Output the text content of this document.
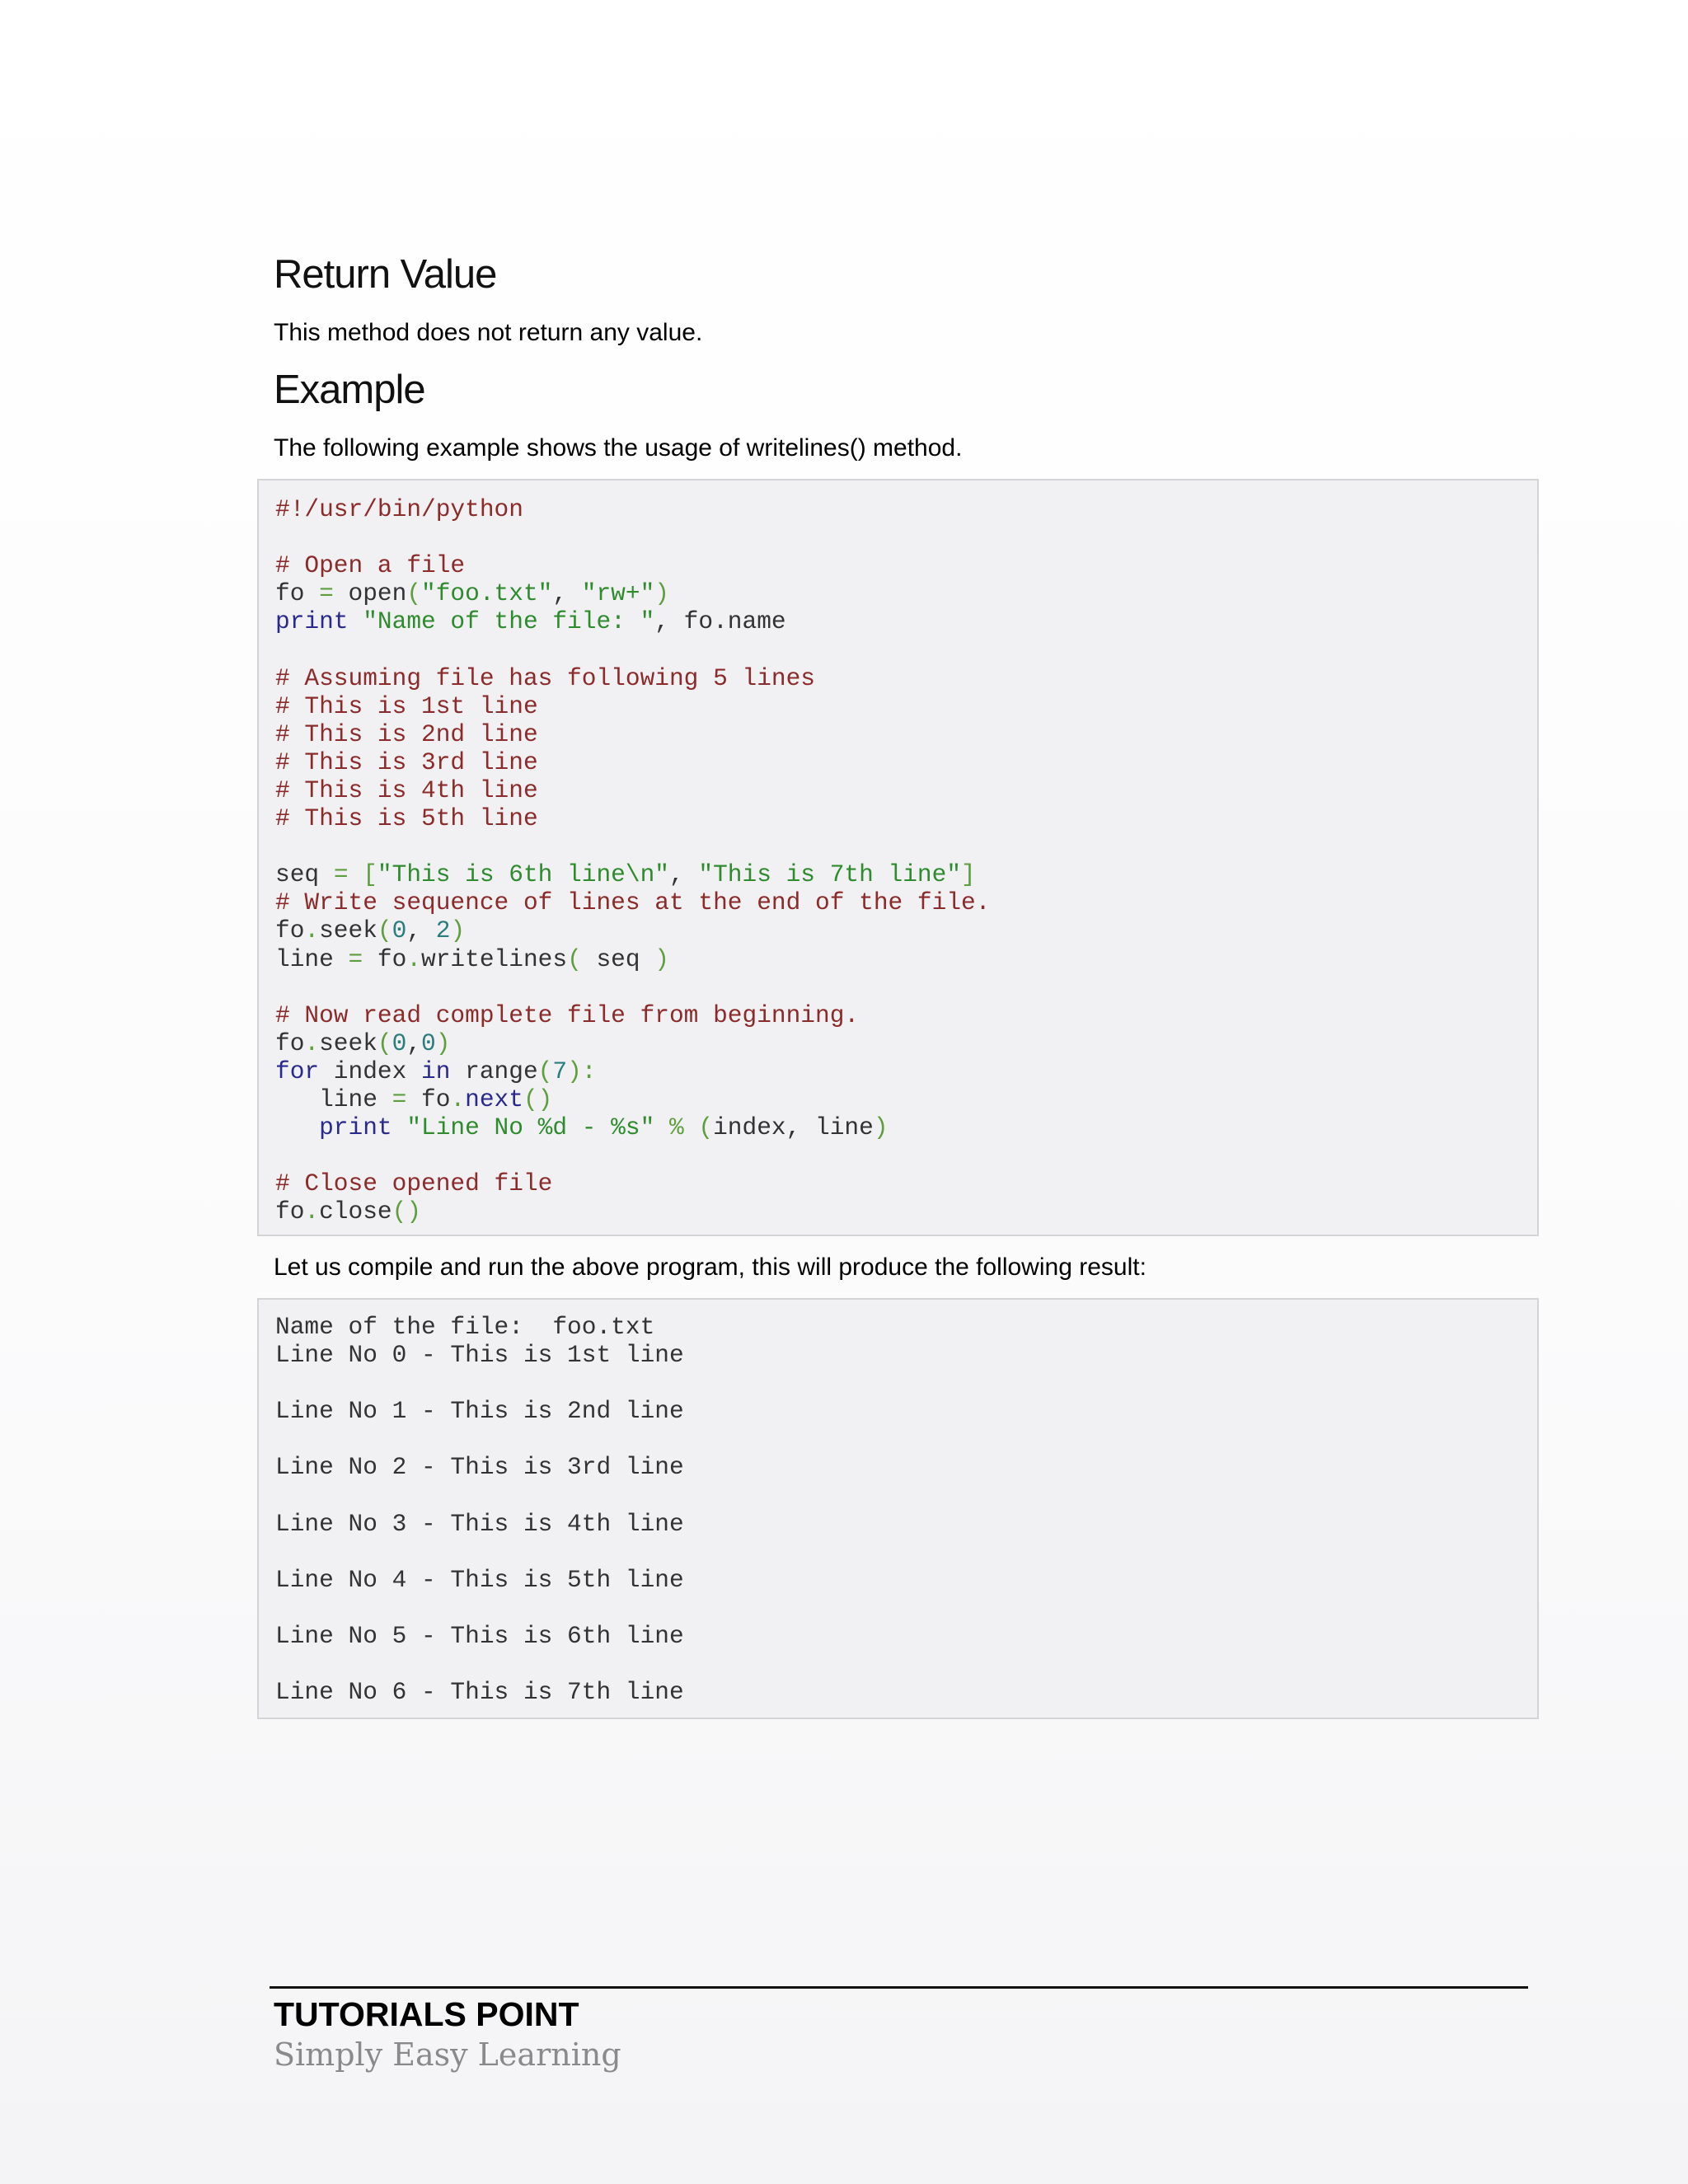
Return Value

This method does not return any value.

Example

The following example shows the usage of writelines() method.

#!/usr/bin/python
# Open a file
fo = open("foo.txt", "rw+")
print "Name of the file: ", fo.name
# Assuming file has following 5 lines
# This is 1st line
# This is 2nd line
# This is 3rd line
# This is 4th line
# This is 5th line
seq = ["This is 6th line\n", "This is 7th line"]
# Write sequence of lines at the end of the file.
fo.seek(0, 2)
line = fo.writelines( seq )
# Now read complete file from beginning.
fo.seek(0,0)
for index in range(7):
line = fo.next()
print "Line No %d - %s" % (index, line)
# Close opened file
fo.close()

Let us compile and run the above program, this will produce the following result:

Name of the file:  foo.txt
Line No 0 - This is 1st line
Line No 1 - This is 2nd line
Line No 2 - This is 3rd line
Line No 3 - This is 4th line
Line No 4 - This is 5th line
Line No 5 - This is 6th line
Line No 6 - This is 7th line
TUTORIALS POINT
Simply Easy Learning
